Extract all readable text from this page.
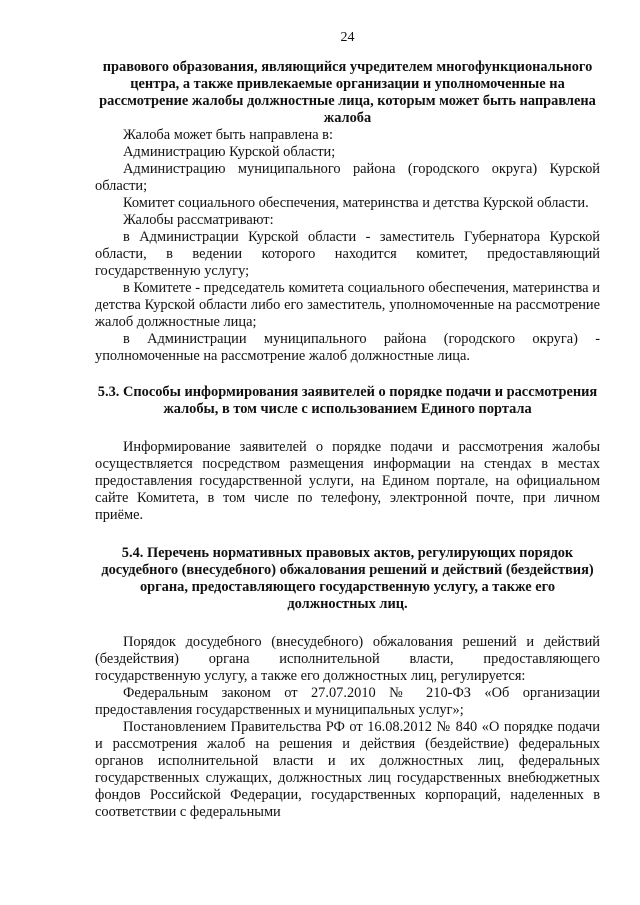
24
правового образования, являющийся учредителем многофункционального центра, а также привлекаемые организации и уполномоченные на рассмотрение жалобы должностные лица, которым может быть направлена жалоба

Жалоба может быть направлена в:

Администрацию Курской области;

Администрацию муниципального района (городского округа) Курской области;

Комитет социального обеспечения, материнства и детства Курской области.

Жалобы рассматривают:

в Администрации Курской области - заместитель Губернатора Курской области, в ведении которого находится комитет, предоставляющий государственную услугу;

в Комитете - председатель комитета социального обеспечения, материнства и детства Курской области либо его заместитель, уполномоченные на рассмотрение жалоб должностные лица;

в Администрации муниципального района (городского округа) - уполномоченные на рассмотрение жалоб должностные лица.

5.3. Способы информирования заявителей о порядке подачи и рассмотрения жалобы, в том числе с использованием Единого портала

Информирование заявителей о порядке подачи и рассмотрения жалобы осуществляется посредством размещения информации на стендах в местах предоставления государственной услуги, на Едином портале, на официальном сайте Комитета, в том числе по телефону, электронной почте, при личном приёме.

5.4. Перечень нормативных правовых актов, регулирующих порядок досудебного (внесудебного) обжалования решений и действий (бездействия) органа, предоставляющего государственную услугу, а также его должностных лиц.

Порядок досудебного (внесудебного) обжалования решений и действий (бездействия) органа исполнительной власти, предоставляющего государственную услугу, а также его должностных лиц, регулируется:

Федеральным законом от 27.07.2010 № 210-ФЗ «Об организации предоставления государственных и муниципальных услуг»;

Постановлением Правительства РФ от 16.08.2012 № 840 «О порядке подачи и рассмотрения жалоб на решения и действия (бездействие) федеральных органов исполнительной власти и их должностных лиц, федеральных государственных служащих, должностных лиц государственных внебюджетных фондов Российской Федерации, государственных корпораций, наделенных в соответствии с федеральными
